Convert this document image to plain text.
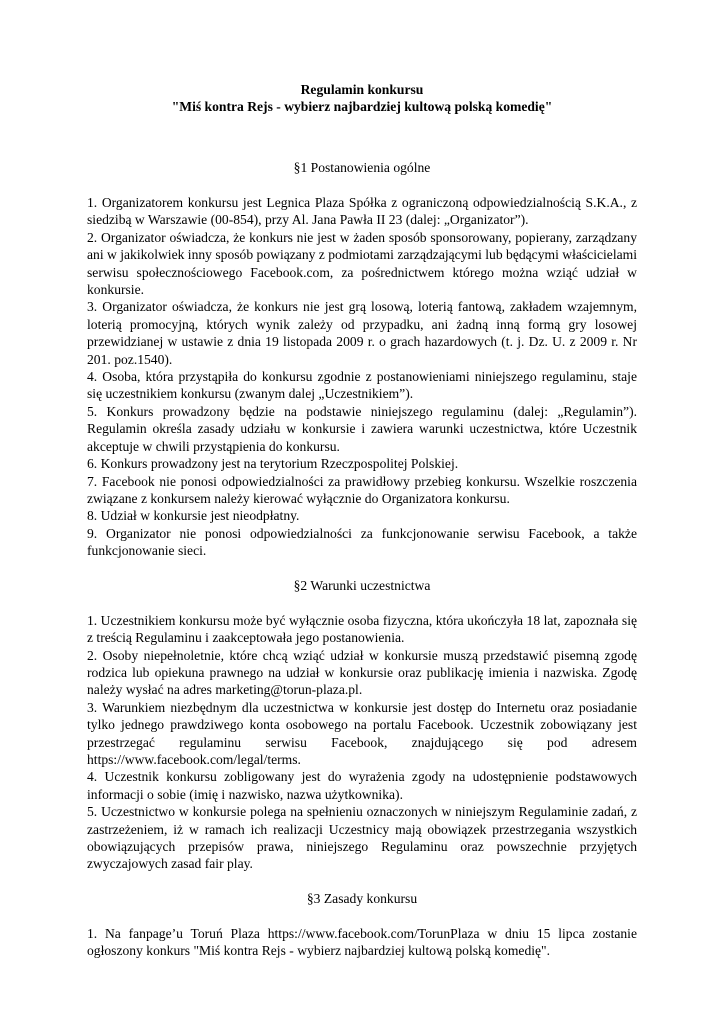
Regulamin konkursu
"Miś kontra Rejs - wybierz najbardziej kultową polską komedię"
§1 Postanowienia ogólne
1. Organizatorem konkursu jest Legnica Plaza Spółka z ograniczoną odpowiedzialnością S.K.A., z siedzibą w Warszawie (00-854), przy Al. Jana Pawła II 23 (dalej: „Organizator”).
2. Organizator oświadcza, że konkurs nie jest w żaden sposób sponsorowany, popierany, zarządzany ani w jakikolwiek inny sposób powiązany z podmiotami zarządzającymi lub będącymi właścicielami serwisu społecznościowego Facebook.com, za pośrednictwem którego można wziąć udział w konkursie.
3. Organizator oświadcza, że konkurs nie jest grą losową, loterią fantową, zakładem wzajemnym, loterią promocyjną, których wynik zależy od przypadku, ani żadną inną formą gry losowej przewidzianej w ustawie z dnia 19 listopada 2009 r. o grach hazardowych (t. j. Dz. U. z 2009 r. Nr 201. poz.1540).
4. Osoba, która przystąpiła do konkursu zgodnie z postanowieniami niniejszego regulaminu, staje się uczestnikiem konkursu (zwanym dalej „Uczestnikiem”).
5. Konkurs prowadzony będzie na podstawie niniejszego regulaminu (dalej: „Regulamin”). Regulamin określa zasady udziału w konkursie i zawiera warunki uczestnictwa, które Uczestnik akceptuje w chwili przystąpienia do konkursu.
6. Konkurs prowadzony jest na terytorium Rzeczpospolitej Polskiej.
7. Facebook nie ponosi odpowiedzialności za prawidłowy przebieg konkursu. Wszelkie roszczenia związane z konkursem należy kierować wyłącznie do Organizatora konkursu.
8. Udział w konkursie jest nieodpłatny.
9. Organizator nie ponosi odpowiedzialności za funkcjonowanie serwisu Facebook, a także funkcjonowanie sieci.
§2 Warunki uczestnictwa
1. Uczestnikiem konkursu może być wyłącznie osoba fizyczna, która ukończyła 18 lat, zapoznała się z treścią Regulaminu i zaakceptowała jego postanowienia.
2. Osoby niepełnoletnie, które chcą wziąć udział w konkursie muszą przedstawić pisemną zgodę rodzica lub opiekuna prawnego na udział w konkursie oraz publikację imienia i nazwiska. Zgodę należy wysłać na adres marketing@torun-plaza.pl.
3. Warunkiem niezbędnym dla uczestnictwa w konkursie jest dostęp do Internetu oraz posiadanie tylko jednego prawdziwego konta osobowego na portalu Facebook. Uczestnik zobowiązany jest przestrzegać regulaminu serwisu Facebook, znajdującego się pod adresem https://www.facebook.com/legal/terms.
4. Uczestnik konkursu zobligowany jest do wyrażenia zgody na udostępnienie podstawowych informacji o sobie (imię i nazwisko, nazwa użytkownika).
5. Uczestnictwo w konkursie polega na spełnieniu oznaczonych w niniejszym Regulaminie zadań, z zastrzeżeniem, iż w ramach ich realizacji Uczestnicy mają obowiązek przestrzegania wszystkich obowiązujących przepisów prawa, niniejszego Regulaminu oraz powszechnie przyjętych zwyczajowych zasad fair play.
§3 Zasady konkursu
1. Na fanpage’u Toruń Plaza https://www.facebook.com/TorunPlaza w dniu 15 lipca zostanie ogłoszony konkurs "Miś kontra Rejs - wybierz najbardziej kultową polską komedię".
